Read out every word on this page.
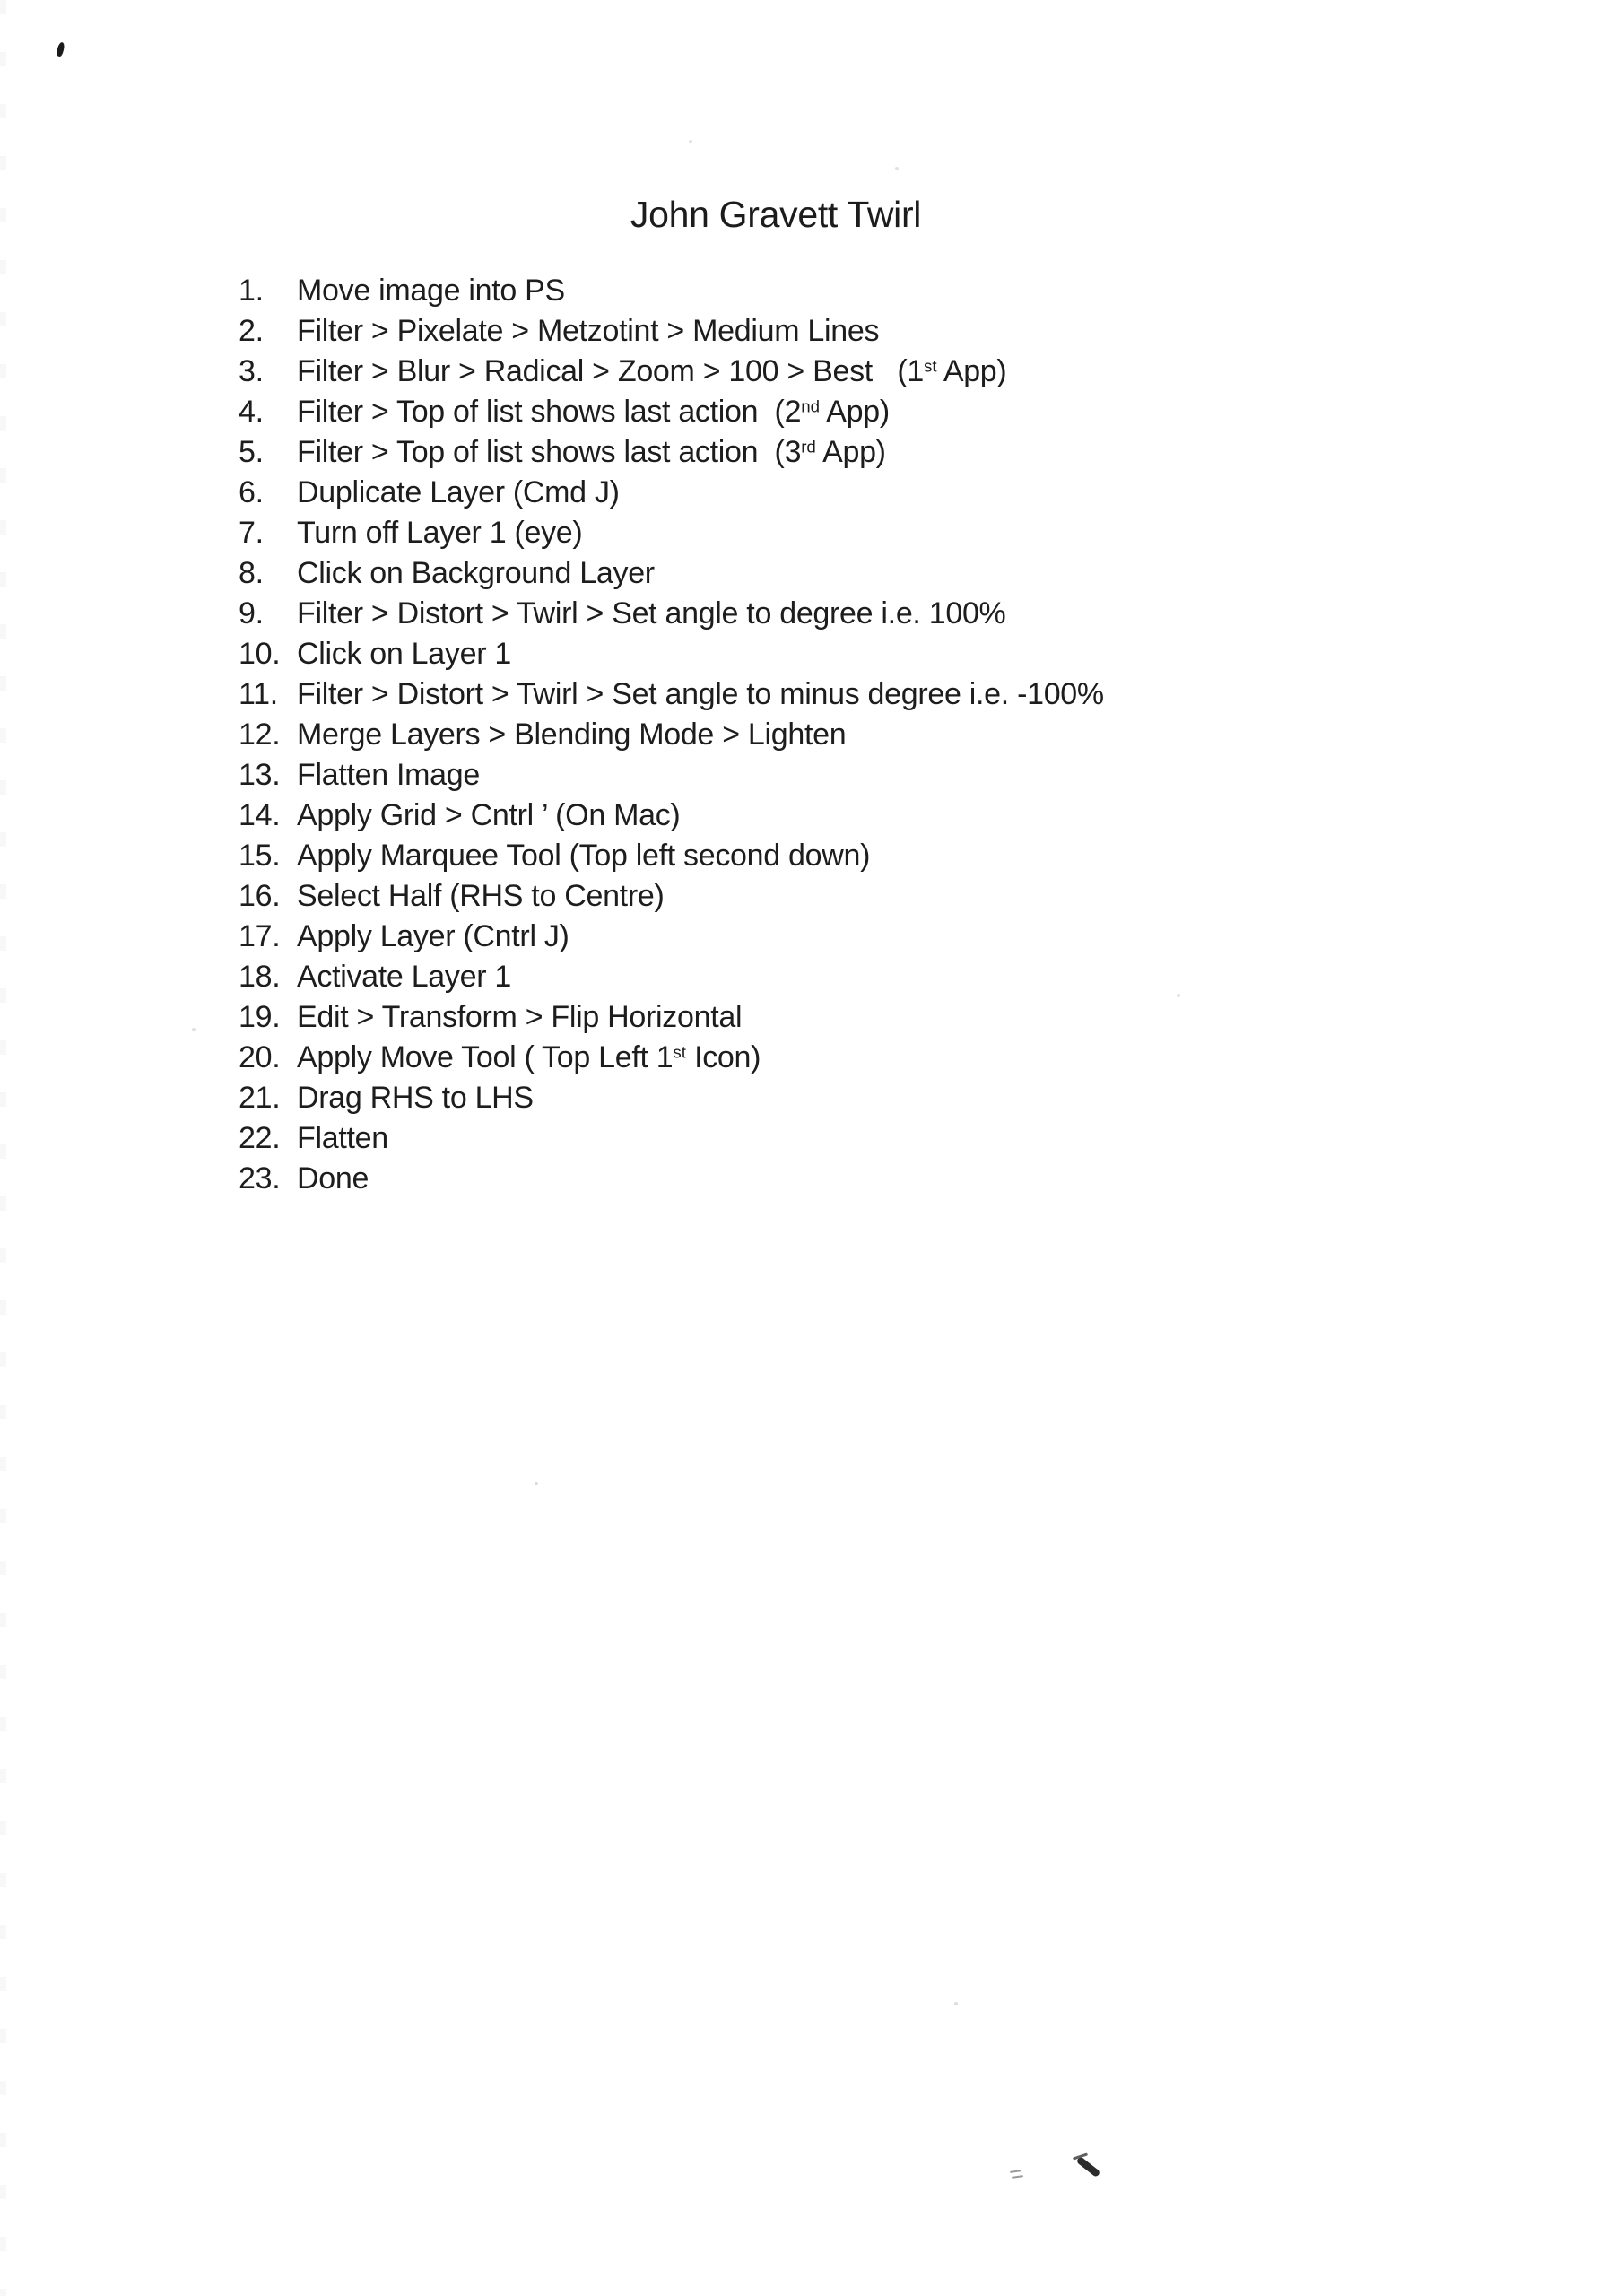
John Gravett Twirl
1. Move image into PS
2. Filter > Pixelate > Metzotint > Medium Lines
3. Filter > Blur > Radical > Zoom > 100 > Best   (1st App)
4. Filter > Top of list shows last action  (2nd App)
5. Filter > Top of list shows last action  (3rd App)
6. Duplicate Layer (Cmd J)
7. Turn off Layer 1 (eye)
8. Click on Background Layer
9. Filter > Distort > Twirl > Set angle to degree i.e. 100%
10. Click on Layer 1
11. Filter > Distort > Twirl > Set angle to minus degree i.e. -100%
12. Merge Layers > Blending Mode > Lighten
13. Flatten Image
14. Apply Grid > Cntrl ’ (On Mac)
15. Apply Marquee Tool (Top left second down)
16. Select Half (RHS to Centre)
17. Apply Layer (Cntrl J)
18. Activate Layer 1
19. Edit > Transform > Flip Horizontal
20. Apply Move Tool ( Top Left 1st Icon)
21. Drag RHS to LHS
22. Flatten
23. Done
